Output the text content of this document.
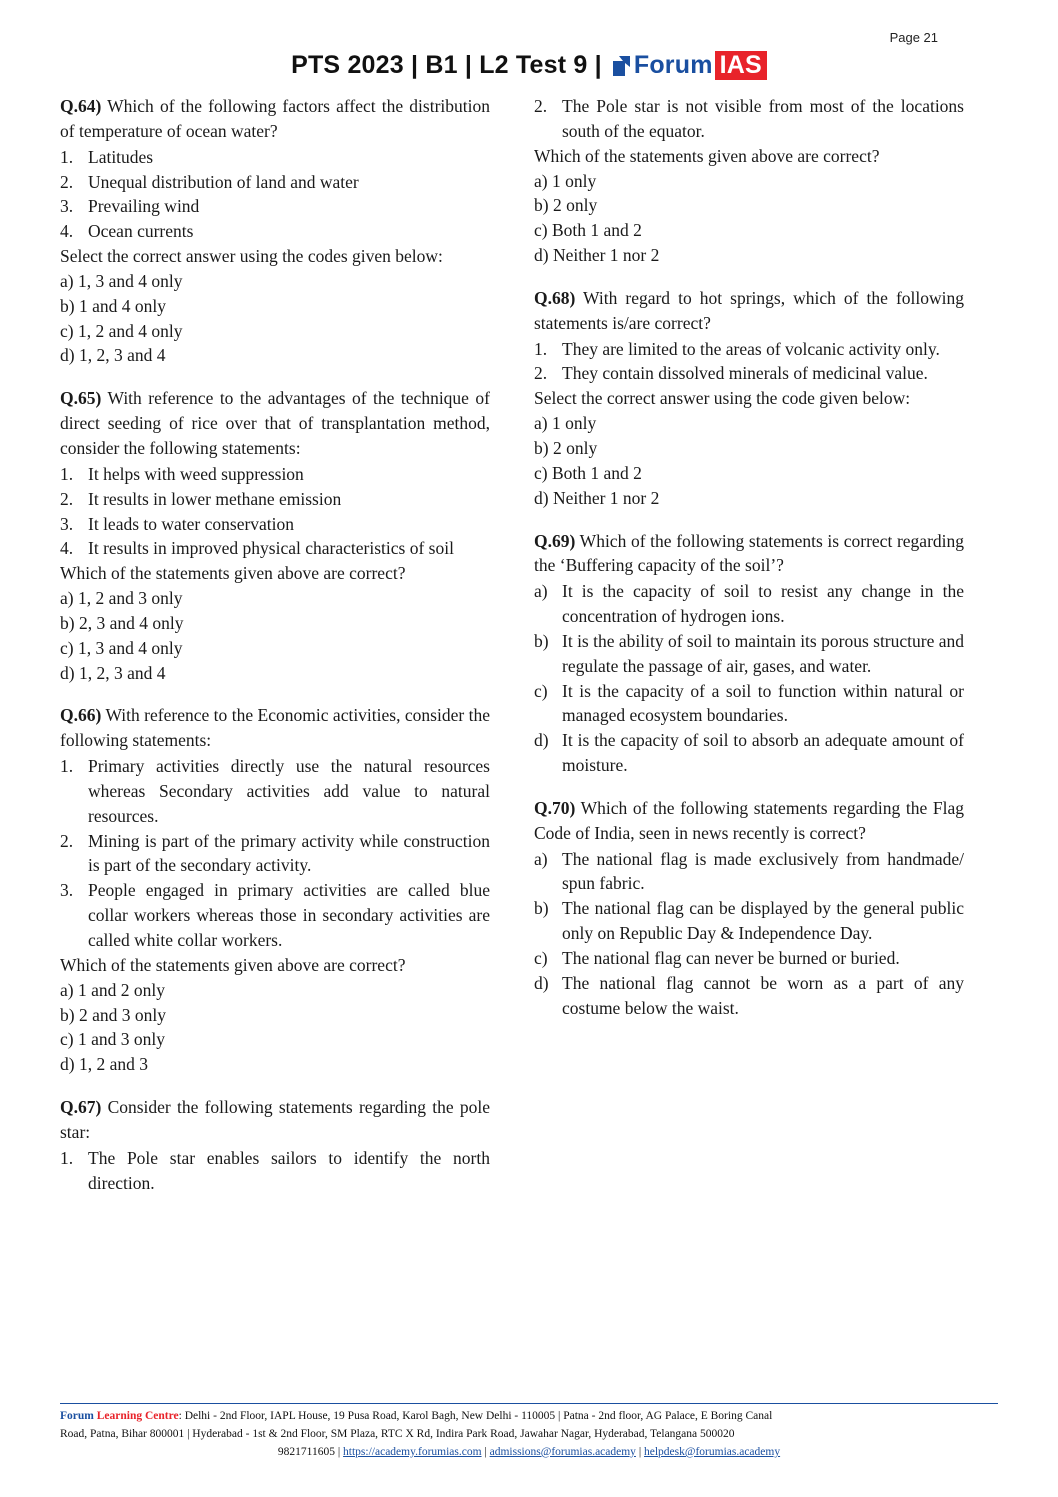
Page 21
PTS 2023 | B1 | L2 Test 9 | Forum IAS
Q.64) Which of the following factors affect the distribution of temperature of ocean water?
1. Latitudes
2. Unequal distribution of land and water
3. Prevailing wind
4. Ocean currents
Select the correct answer using the codes given below:
a) 1, 3 and 4 only
b) 1 and 4 only
c) 1, 2 and 4 only
d) 1, 2, 3 and 4
Q.65) With reference to the advantages of the technique of direct seeding of rice over that of transplantation method, consider the following statements:
1. It helps with weed suppression
2. It results in lower methane emission
3. It leads to water conservation
4. It results in improved physical characteristics of soil
Which of the statements given above are correct?
a) 1, 2 and 3 only
b) 2, 3 and 4 only
c) 1, 3 and 4 only
d) 1, 2, 3 and 4
Q.66) With reference to the Economic activities, consider the following statements:
1. Primary activities directly use the natural resources whereas Secondary activities add value to natural resources.
2. Mining is part of the primary activity while construction is part of the secondary activity.
3. People engaged in primary activities are called blue collar workers whereas those in secondary activities are called white collar workers.
Which of the statements given above are correct?
a) 1 and 2 only
b) 2 and 3 only
c) 1 and 3 only
d) 1, 2 and 3
Q.67) Consider the following statements regarding the pole star:
1. The Pole star enables sailors to identify the north direction.
2. The Pole star is not visible from most of the locations south of the equator.
Which of the statements given above are correct?
a) 1 only
b) 2 only
c) Both 1 and 2
d) Neither 1 nor 2
Q.68) With regard to hot springs, which of the following statements is/are correct?
1. They are limited to the areas of volcanic activity only.
2. They contain dissolved minerals of medicinal value.
Select the correct answer using the code given below:
a) 1 only
b) 2 only
c) Both 1 and 2
d) Neither 1 nor 2
Q.69) Which of the following statements is correct regarding the ‘Buffering capacity of the soil’?
a) It is the capacity of soil to resist any change in the concentration of hydrogen ions.
b) It is the ability of soil to maintain its porous structure and regulate the passage of air, gases, and water.
c) It is the capacity of a soil to function within natural or managed ecosystem boundaries.
d) It is the capacity of soil to absorb an adequate amount of moisture.
Q.70) Which of the following statements regarding the Flag Code of India, seen in news recently is correct?
a) The national flag is made exclusively from handmade/ spun fabric.
b) The national flag can be displayed by the general public only on Republic Day & Independence Day.
c) The national flag can never be burned or buried.
d) The national flag cannot be worn as a part of any costume below the waist.
Forum Learning Centre: Delhi - 2nd Floor, IAPL House, 19 Pusa Road, Karol Bagh, New Delhi - 110005 | Patna - 2nd floor, AG Palace, E Boring Canal
Road, Patna, Bihar 800001 | Hyderabad - 1st & 2nd Floor, SM Plaza, RTC X Rd, Indira Park Road, Jawahar Nagar, Hyderabad, Telangana 500020
9821711605 | https://academy.forumias.com | admissions@forumias.academy | helpdesk@forumias.academy
